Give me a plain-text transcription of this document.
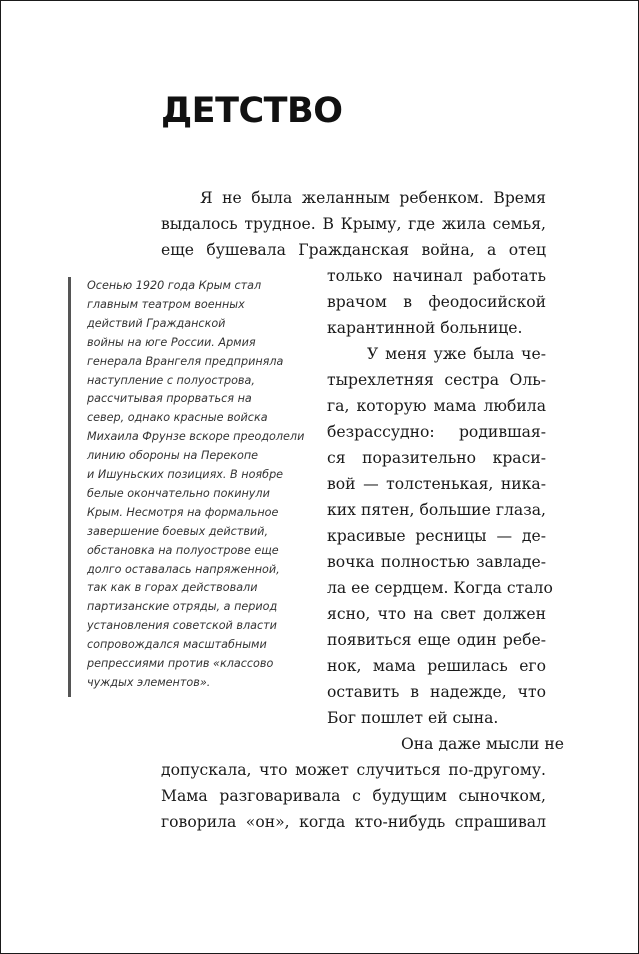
ДЕТСТВО
Я не была желанным ребенком. Время
выдалось трудное. В Крыму, где жила семья,
еще бушевала Гражданская война, а отец
только начинал работать
врачом в феодосийской
карантинной больнице.
У меня уже была че-
тырехлетняя сестра Оль-
га, которую мама любила
безрассудно: родившая-
ся поразительно краси-
вой — толстенькая, ника-
ких пятен, большие глаза,
красивые ресницы — де-
вочка полностью завладе-
ла ее сердцем. Когда стало
ясно, что на свет должен
появиться еще один ребе-
нок, мама решилась его
оставить в надежде, что
Бог пошлет ей сына.
Она даже мысли не
допускала, что может случиться по-другому.
Мама разговаривала с будущим сыночком,
говорила «он», когда кто-нибудь спрашивал
Осенью 1920 года Крым стал
главным театром военных
действий Гражданской
войны на юге России. Армия
генерала Врангеля предприняла
наступление с полуострова,
рассчитывая прорваться на
север, однако красные войска
Михаила Фрунзе вскоре преодолели
линию обороны на Перекопе
и Ишуньских позициях. В ноябре
белые окончательно покинули
Крым. Несмотря на формальное
завершение боевых действий,
обстановка на полуострове еще
долго оставалась напряженной,
так как в горах действовали
партизанские отряды, а период
установления советской власти
сопровождался масштабными
репрессиями против «классово
чуждых элементов».
